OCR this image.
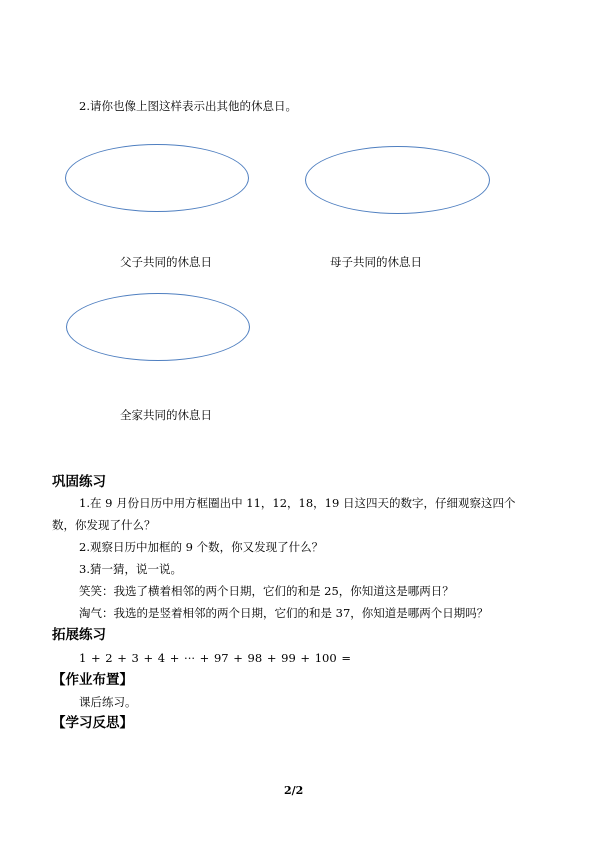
2.请你也像上图这样表示出其他的休息日。
父子共同的休息日	母子共同的休息日
全家共同的休息日
巩固练习
1.在 9 月份日历中用方框圈出中 11，12，18，19 日这四天的数字，仔细观察这四个
数，你发现了什么？
2.观察日历中加框的 9 个数，你又发现了什么？
3.猜一猜，说一说。
笑笑：我选了横着相邻的两个日期，它们的和是 25，你知道这是哪两日？
淘气：我选的是竖着相邻的两个日期，它们的和是 37，你知道是哪两个日期吗？
拓展练习
1 + 2 + 3 + 4 + ··· + 97 + 98 + 99 + 100 =
【作业布置】
课后练习。
【学习反思】
2/2
